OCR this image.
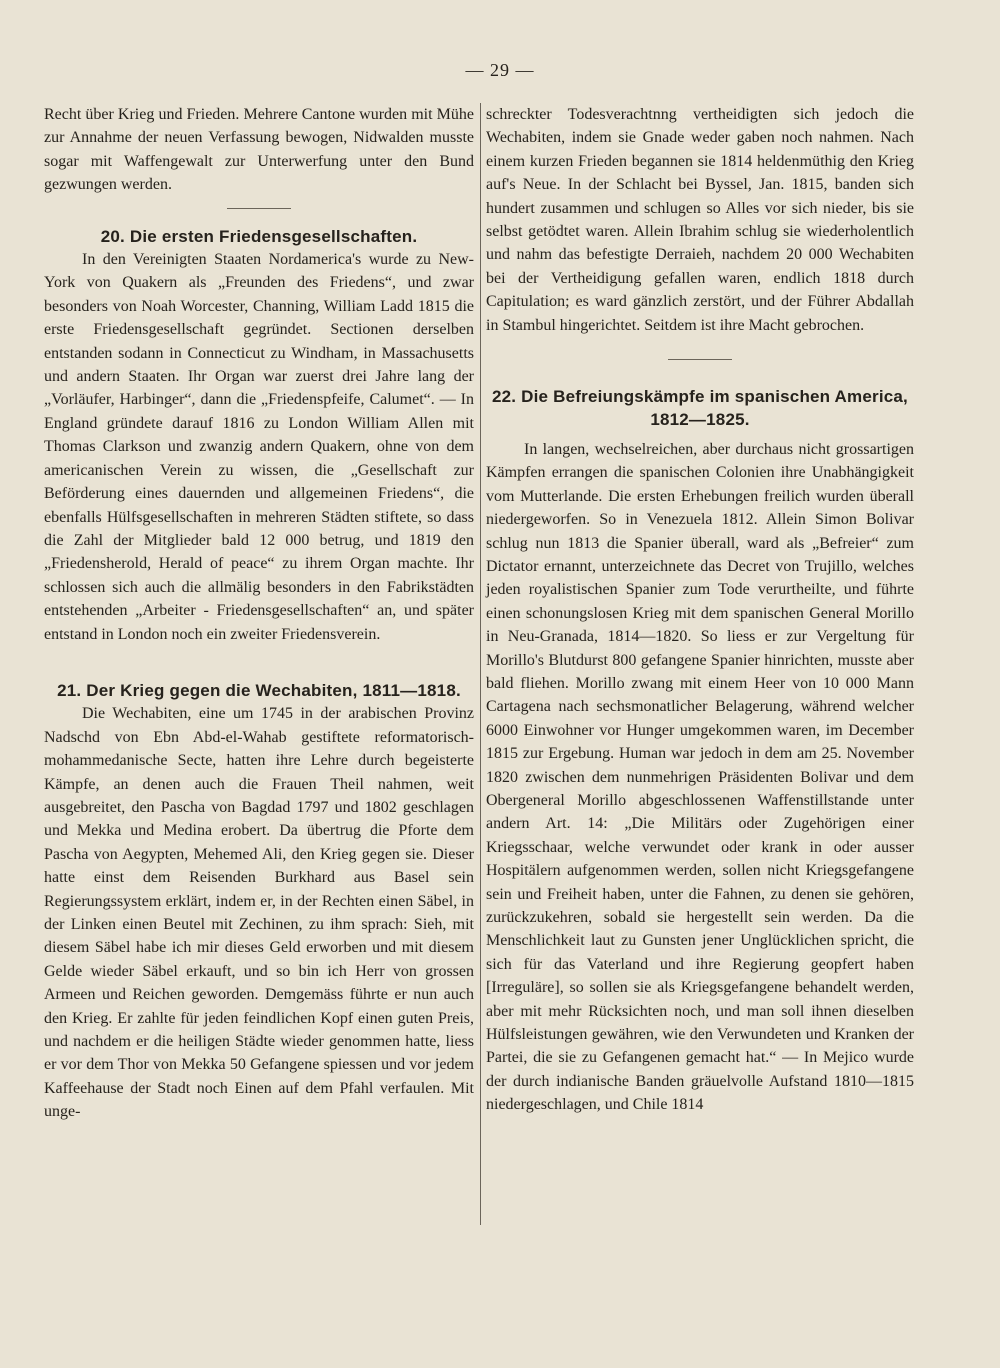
— 29 —

Recht über Krieg und Frieden. Mehrere Cantone wurden mit Mühe zur Annahme der neuen Verfassung bewogen, Nidwalden musste sogar mit Waffengewalt zur Unterwerfung unter den Bund gezwungen werden.

20. Die ersten Friedensgesellschaften.

In den Vereinigten Staaten Nordamerica's wurde zu New-York von Quakern als „Freunden des Friedens“, und zwar besonders von Noah Worcester, Channing, William Ladd 1815 die erste Friedensgesellschaft gegründet. Sectionen derselben entstanden sodann in Connecticut zu Windham, in Massachusetts und andern Staaten. Ihr Organ war zuerst drei Jahre lang der „Vorläufer, Harbinger“, dann die „Friedenspfeife, Calumet“. — In England gründete darauf 1816 zu London William Allen mit Thomas Clarkson und zwanzig andern Quakern, ohne von dem americanischen Verein zu wissen, die „Gesellschaft zur Beförderung eines dauernden und allgemeinen Friedens“, die ebenfalls Hülfsgesellschaften in mehreren Städten stiftete, so dass die Zahl der Mitglieder bald 12 000 betrug, und 1819 den „Friedensherold, Herald of peace“ zu ihrem Organ machte. Ihr schlossen sich auch die allmälig besonders in den Fabrikstädten entstehenden „Arbeiter - Friedensgesellschaften“ an, und später entstand in London noch ein zweiter Friedensverein.

21. Der Krieg gegen die Wechabiten, 1811—1818.

Die Wechabiten, eine um 1745 in der arabischen Provinz Nadschd von Ebn Abd-el-Wahab gestiftete reformatorisch-mohammedanische Secte, hatten ihre Lehre durch begeisterte Kämpfe, an denen auch die Frauen Theil nahmen, weit ausgebreitet, den Pascha von Bagdad 1797 und 1802 geschlagen und Mekka und Medina erobert. Da übertrug die Pforte dem Pascha von Aegypten, Mehemed Ali, den Krieg gegen sie. Dieser hatte einst dem Reisenden Burkhard aus Basel sein Regierungssystem erklärt, indem er, in der Rechten einen Säbel, in der Linken einen Beutel mit Zechinen, zu ihm sprach: Sieh, mit diesem Säbel habe ich mir dieses Geld erworben und mit diesem Gelde wieder Säbel erkauft, und so bin ich Herr von grossen Armeen und Reichen geworden. Demgemäss führte er nun auch den Krieg. Er zahlte für jeden feindlichen Kopf einen guten Preis, und nachdem er die heiligen Städte wieder genommen hatte, liess er vor dem Thor von Mekka 50 Gefangene spiessen und vor jedem Kaffeehause der Stadt noch Einen auf dem Pfahl verfaulen. Mit unge-

schreckter Todesverachtnng vertheidigten sich jedoch die Wechabiten, indem sie Gnade weder gaben noch nahmen. Nach einem kurzen Frieden begannen sie 1814 heldenmüthig den Krieg auf's Neue. In der Schlacht bei Byssel, Jan. 1815, banden sich hundert zusammen und schlugen so Alles vor sich nieder, bis sie selbst getödtet waren. Allein Ibrahim schlug sie wiederholentlich und nahm das befestigte Derraieh, nachdem 20 000 Wechabiten bei der Vertheidigung gefallen waren, endlich 1818 durch Capitulation; es ward gänzlich zerstört, und der Führer Abdallah in Stambul hingerichtet. Seitdem ist ihre Macht gebrochen.

22. Die Befreiungskämpfe im spanischen America, 1812—1825.

In langen, wechselreichen, aber durchaus nicht grossartigen Kämpfen errangen die spanischen Colonien ihre Unabhängigkeit vom Mutterlande. Die ersten Erhebungen freilich wurden überall niedergeworfen. So in Venezuela 1812. Allein Simon Bolivar schlug nun 1813 die Spanier überall, ward als „Befreier“ zum Dictator ernannt, unterzeichnete das Decret von Trujillo, welches jeden royalistischen Spanier zum Tode verurtheilte, und führte einen schonungslosen Krieg mit dem spanischen General Morillo in Neu-Granada, 1814—1820. So liess er zur Vergeltung für Morillo's Blutdurst 800 gefangene Spanier hinrichten, musste aber bald fliehen. Morillo zwang mit einem Heer von 10 000 Mann Cartagena nach sechsmonatlicher Belagerung, während welcher 6000 Einwohner vor Hunger umgekommen waren, im December 1815 zur Ergebung. Human war jedoch in dem am 25. November 1820 zwischen dem nunmehrigen Präsidenten Bolivar und dem Obergeneral Morillo abgeschlossenen Waffenstillstande unter andern Art. 14: „Die Militärs oder Zugehörigen einer Kriegsschaar, welche verwundet oder krank in oder ausser Hospitälern aufgenommen werden, sollen nicht Kriegsgefangene sein und Freiheit haben, unter die Fahnen, zu denen sie gehören, zurückzukehren, sobald sie hergestellt sein werden. Da die Menschlichkeit laut zu Gunsten jener Unglücklichen spricht, die sich für das Vaterland und ihre Regierung geopfert haben [Irreguläre], so sollen sie als Kriegsgefangene behandelt werden, aber mit mehr Rücksichten noch, und man soll ihnen dieselben Hülfsleistungen gewähren, wie den Verwundeten und Kranken der Partei, die sie zu Gefangenen gemacht hat.“ — In Mejico wurde der durch indianische Banden gräuelvolle Aufstand 1810—1815 niedergeschlagen, und Chile 1814
